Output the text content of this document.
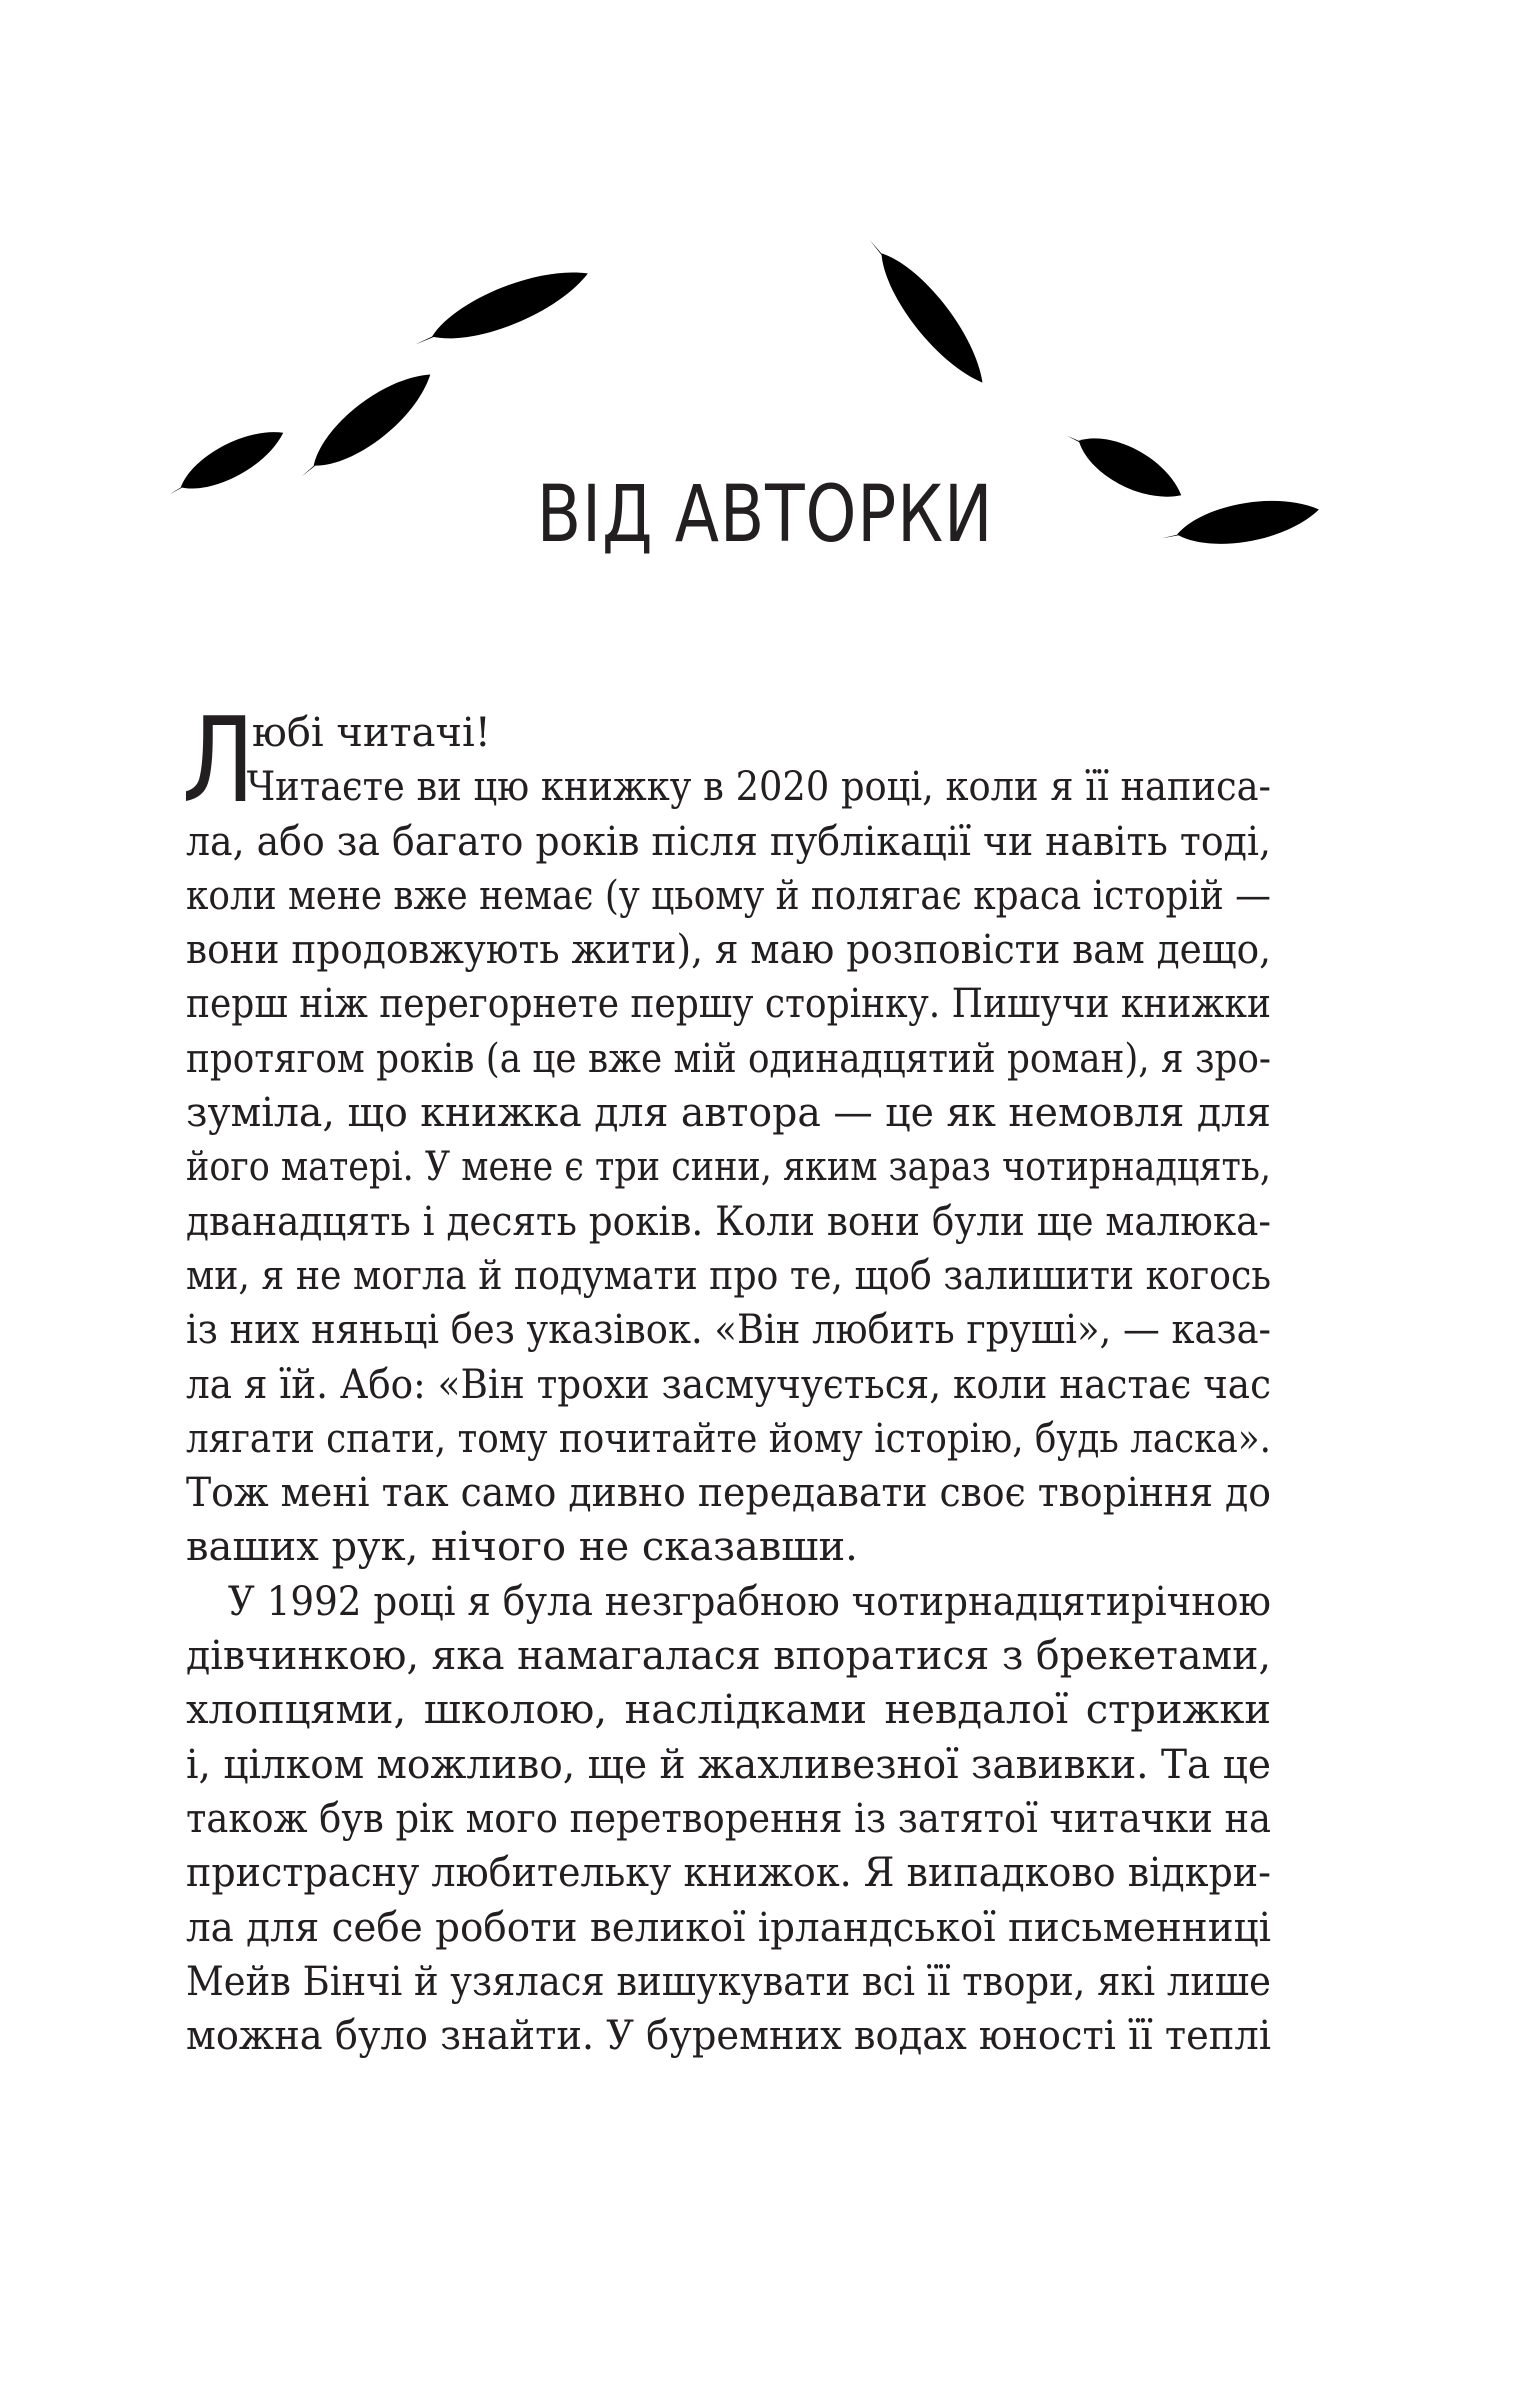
ВІД АВТОРКИ
Л
юбі читачі!
Читаєте ви цю книжку в 2020 році, коли я її написа-
ла, або за багато років після публікації чи навіть тоді,
коли мене вже немає (у цьому й полягає краса історій —
вони продовжують жити), я маю розповісти вам дещо,
перш ніж перегорнете першу сторінку. Пишучи книжки
протягом років (а це вже мій одинадцятий роман), я зро-
зуміла, що книжка для автора — це як немовля для
його матері. У мене є три сини, яким зараз чотирнадцять,
дванадцять і десять років. Коли вони були ще малюка-
ми, я не могла й подумати про те, щоб залишити когось
із них няньці без указівок. «Він любить груші», — каза-
ла я їй. Або: «Він трохи засмучується, коли настає час
лягати спати, тому почитайте йому історію, будь ласка».
Тож мені так само дивно передавати своє творіння до
ваших рук, нічого не сказавши.
У 1992 році я була незграбною чотирнадцятирічною
дівчинкою, яка намагалася впоратися з брекетами,
хлопцями, школою, наслідками невдалої стрижки
і, цілком можливо, ще й жахливезної завивки. Та це
також був рік мого перетворення із затятої читачки на
пристрасну любительку книжок. Я випадково відкри-
ла для себе роботи великої ірландської письменниці
Мейв Бінчі й узялася вишукувати всі її твори, які лише
можна було знайти. У буремних водах юності її теплі
